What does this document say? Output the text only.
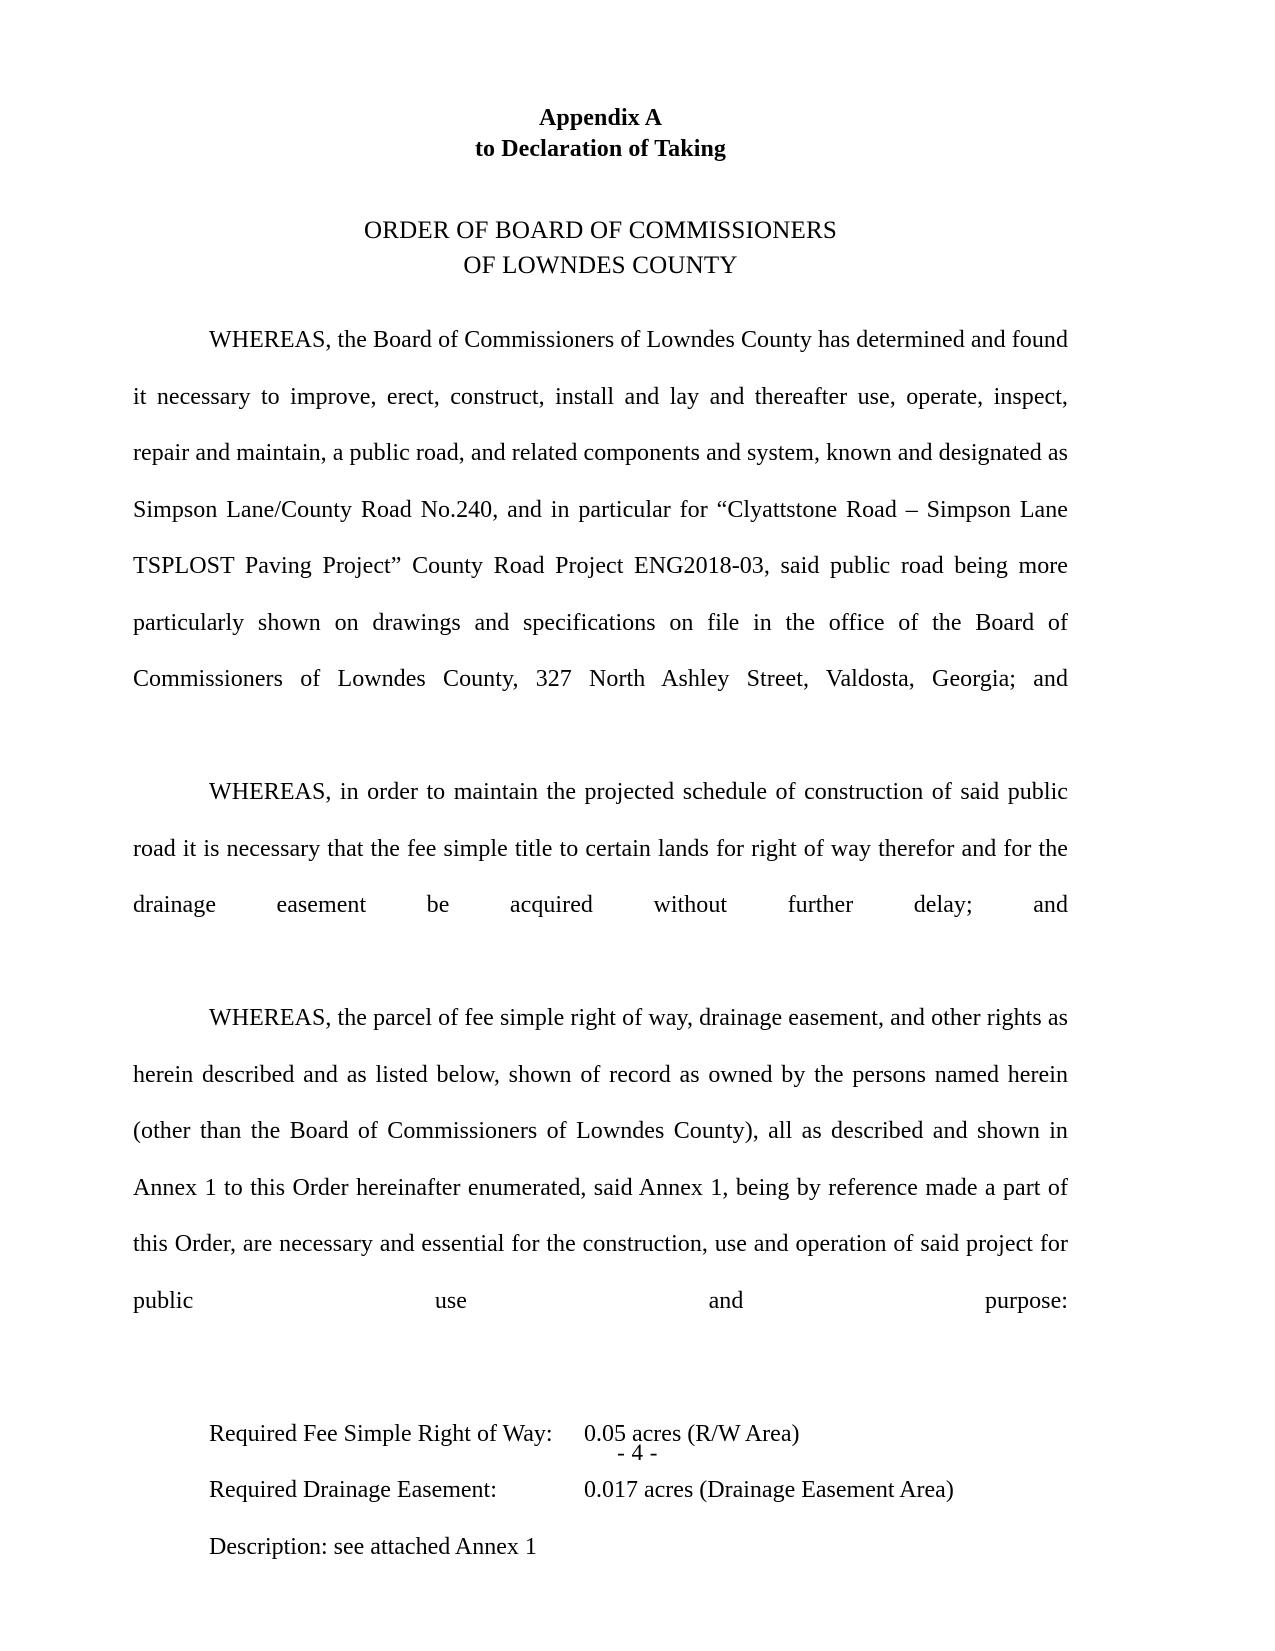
Appendix A
to Declaration of Taking
ORDER OF BOARD OF COMMISSIONERS
OF LOWNDES COUNTY

WHEREAS, the Board of Commissioners of Lowndes County has determined and found it necessary to improve, erect, construct, install and lay and thereafter use, operate, inspect, repair and maintain, a public road, and related components and system, known and designated as Simpson Lane/County Road No.240, and in particular for “Clyattstone Road – Simpson Lane TSPLOST Paving Project” County Road Project ENG2018-03, said public road being more particularly shown on drawings and specifications on file in the office of the Board of Commissioners of Lowndes County, 327 North Ashley Street, Valdosta, Georgia; and

WHEREAS, in order to maintain the projected schedule of construction of said public road it is necessary that the fee simple title to certain lands for right of way therefor and for the drainage easement be acquired without further delay; and

WHEREAS, the parcel of fee simple right of way, drainage easement, and other rights as herein described and as listed below, shown of record as owned by the persons named herein (other than the Board of Commissioners of Lowndes County), all as described and shown in Annex 1 to this Order hereinafter enumerated, said Annex 1, being by reference made a part of this Order, are necessary and essential for the construction, use and operation of said project for public use and purpose:

Required Fee Simple Right of Way:	0.05 acres (R/W Area)
Required Drainage Easement:	0.017 acres (Drainage Easement Area)
Description: see attached Annex 1
- 4 -
